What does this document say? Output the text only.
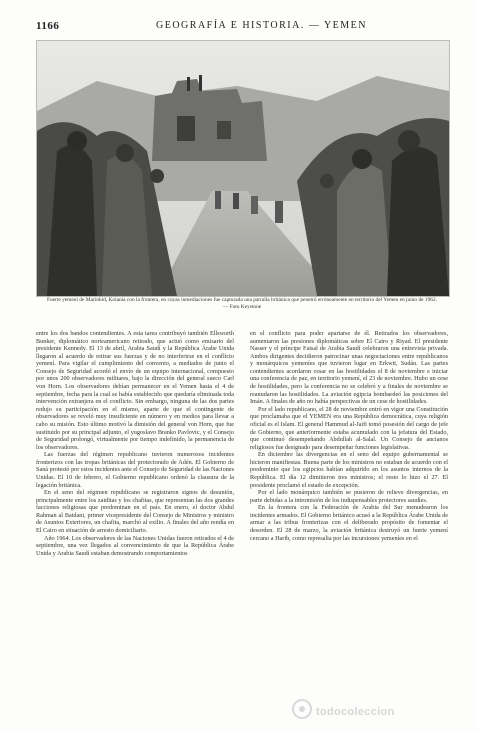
1166	GEOGRAFÍA E HISTORIA. — YEMEN
Fuerte yemení de Marinhid, Kolania con la frontera, en cuyas inmediaciones fue capturada una patrulla británica que penetró erróneamente en territorio del Yemen en junio de 1962. — Foto Keystone

entre los dos bandos contendientes. A esta tarea contribuyó también Ellsworth Bunker, diplomático norteamericano retirado, que actuó como emisario del presidente Kennedy. El 13 de abril, Arabia Saudí y la República Árabe Unida llegaron al acuerdo de retirar sus fuerzas y de no interferirse en el conflicto yemení. Para vigilar el cumplimiento del convenio, a mediados de junio el Consejo de Seguridad acordó el envío de un equipo internacional, compuesto por unos 200 observadores militares, bajo la dirección del general sueco Carl von Horn. Los observadores debían permanecer en el Yemen hasta el 4 de septiembre, fecha para la cual se había establecido que quedaría eliminada toda intervención extranjera en el conflicto. Sin embargo, ninguna de las dos partes redujo su participación en el mismo, aparte de que el contingente de observadores se reveló muy insuficiente en número y en medios para llevar a cabo su misión. Esto último motivó la dimisión del general von Horn, que fue sustituido por su principal adjunto, el yugoslavo Branko Pavlovic, y el Consejo de Seguridad prolongó, virtualmente por tiempo indefinido, la permanencia de los observadores.

Las fuerzas del régimen republicano tuvieron numerosos incidentes fronterizos con las tropas británicas del protectorado de Adén. El Gobierno de Saná protestó por estos incidentes ante el Consejo de Seguridad de las Naciones Unidas. El 10 de febrero, el Gobierno republicano ordenó la clausura de la legación británica.

En el seno del régimen republicano se registraron signos de desunión, principalmente entre los zaiditas y los chafitas, que representan las dos grandes facciones religiosas que predominan en el país. En enero, el doctor Abdul Rahman al Baidani, primer vicepresidente del Consejo de Ministros y ministro de Asuntos Exteriores, un chafita, marchó al exilio. A finales del año rendía en El Cairo en situación de arresto domiciliario.

Año 1964. Los observadores de las Naciones Unidas fueron retirados el 4 de septiembre, una vez llegados al convencimiento de que la República Árabe Unida y Arabia Saudí estaban demostrando comportamientos

en el conflicto para poder apartarse de él. Retirados los observadores, aumentaron las presiones diplomáticas sobre El Cairo y Riyad. El presidente Nasser y el príncipe Faisal de Arabia Saudí celebraron una entrevista privada. Ambos dirigentes decidieron patrocinar unas negociaciones entre republicanos y monárquicos yemeníes que tuvieron lugar en Erkwit, Sudán. Las partes contendientes acordaron cesar en las hostilidades el 8 de noviembre e iniciar una conferencia de paz, en territorio yemení, el 23 de noviembre. Hubo un cese de hostilidades, pero la conferencia no se celebró y a finales de noviembre se reanudaron las hostilidades. La aviación egipcia bombardeó las posiciones del Imán. A finales de año no había perspectivas de un cese de hostilidades.

Por el lado republicano, el 28 de noviembre entró en vigor una Constitución que proclamaba que el YEMEN era una República democrática, cuya religión oficial es el Islam. El general Hammud al-Jaifi tomó posesión del cargo de jefe de Gobierno, que anteriormente estaba acumulado con la jefatura del Estado, que continuó desempeñando Abdullah al-Salal. Un Consejo de ancianos religiosos fue designado para desempeñar funciones legislativas.

En diciembre las divergencias en el seno del equipo gubernamental se hicieron manifiestas. Buena parte de los ministros no estaban de acuerdo con el predominio que los egipcios habían adquirido en los asuntos internos de la República. El día 12 dimitieron tres ministros; el resto lo hizo el 27. El presidente proclamó el estado de excepción.

Por el lado monárquico también se pusieron de relieve divergencias, en parte debidas a la intromisión de los indispensables protectores saudíes.

En la frontera con la Federación de Arabia del Sur menudearon los incidentes armados. El Gobierno británico acusó a la República Árabe Unida de armar a las tribus fronterizas con el deliberado propósito de fomentar el desorden. El 28 de marzo, la aviación británica destruyó un fuerte yemení cercano a Harib, como represalia por las incursiones yemeníes en el

todocoleccion
